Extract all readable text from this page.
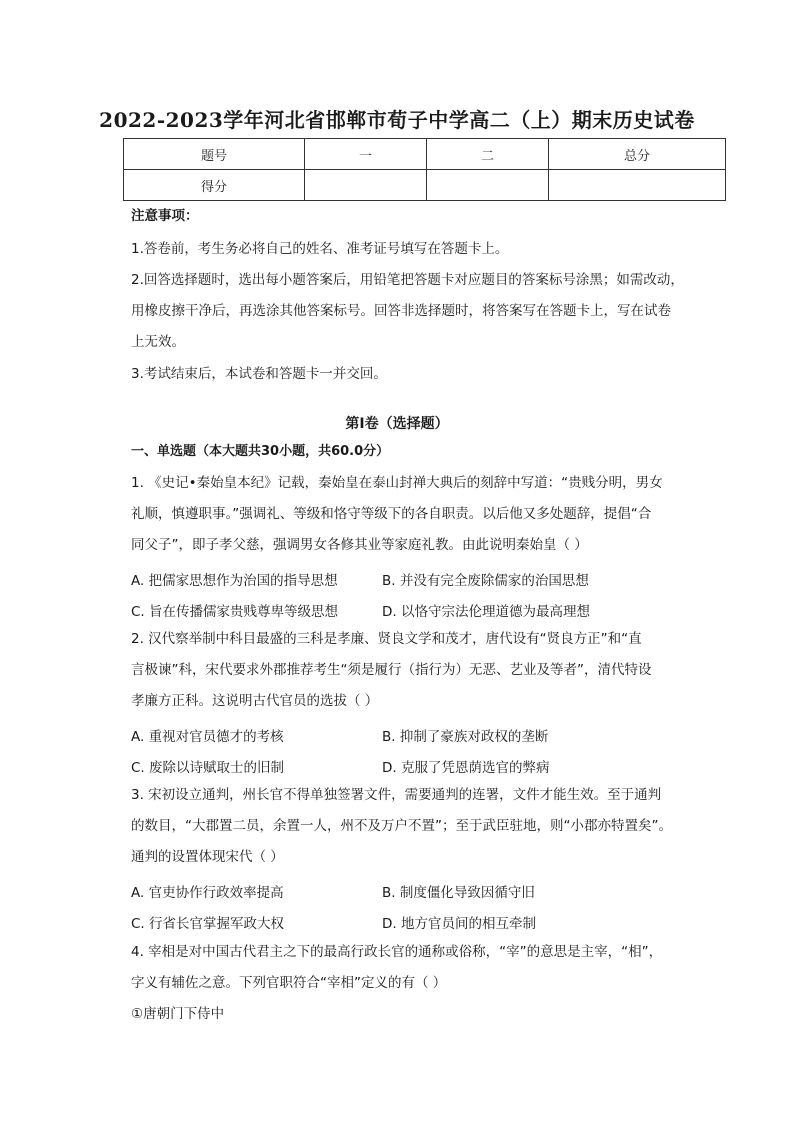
2022-2023学年河北省邯郸市荀子中学高二（上）期末历史试卷
题号	一	二	总分
得分			
注意事项：
1.答卷前，考生务必将自己的姓名、准考证号填写在答题卡上。
2.回答选择题时，选出每小题答案后，用铅笔把答题卡对应题目的答案标号涂黑；如需改动，
用橡皮擦干净后，再选涂其他答案标号。回答非选择题时，将答案写在答题卡上，写在试卷
上无效。
3.考试结束后，本试卷和答题卡一并交回。
第Ⅰ卷（选择题）
一、单选题（本大题共30小题，共60.0分）
1. 《史记•秦始皇本纪》记载，秦始皇在泰山封禅大典后的刻辞中写道：“贵贱分明，男女
礼顺，慎遵职事。”强调礼、等级和恪守等级下的各自职责。以后他又多处题辞，提倡“合
同父子”，即子孝父慈，强调男女各修其业等家庭礼教。由此说明秦始皇（ ）
A. 把儒家思想作为治国的指导思想	B. 并没有完全废除儒家的治国思想
C. 旨在传播儒家贵贱尊卑等级思想	D. 以恪守宗法伦理道德为最高理想
2. 汉代察举制中科目最盛的三科是孝廉、贤良文学和茂才，唐代设有“贤良方正”和“直
言极谏”科，宋代要求外郡推荐考生“须是履行（指行为）无恶、艺业及等者”，清代特设
孝廉方正科。这说明古代官员的选拔（ ）
A. 重视对官员德才的考核	B. 抑制了豪族对政权的垄断
C. 废除以诗赋取士的旧制	D. 克服了凭恩荫选官的弊病
3. 宋初设立通判，州长官不得单独签署文件，需要通判的连署，文件才能生效。至于通判
的数目，“大郡置二员，余置一人，州不及万户不置”；至于武臣驻地，则“小郡亦特置矣”。
通判的设置体现宋代（ ）
A. 官吏协作行政效率提高	B. 制度僵化导致因循守旧
C. 行省长官掌握军政大权	D. 地方官员间的相互牵制
4. 宰相是对中国古代君主之下的最高行政长官的通称或俗称，“宰”的意思是主宰，“相”，
字义有辅佐之意。下列官职符合“宰相”定义的有（ ）
①唐朝门下侍中
